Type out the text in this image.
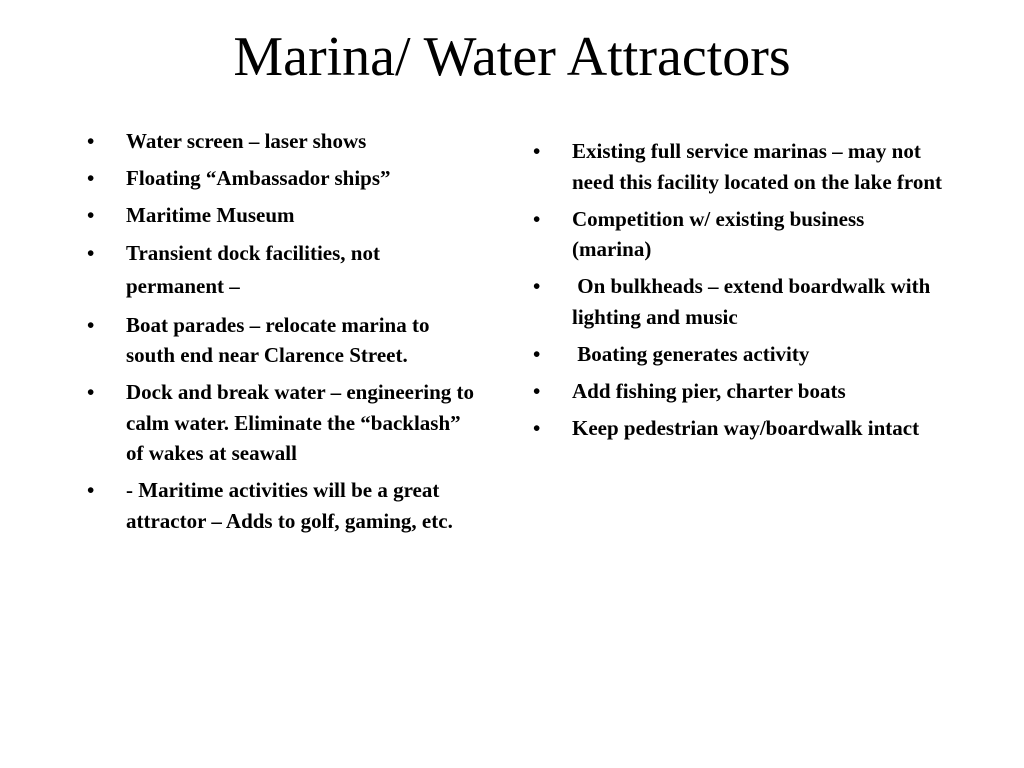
Marina/ Water Attractors
• Water screen – laser shows
• Floating “Ambassador ships”
• Maritime Museum
• Transient dock facilities, not permanent –
• Boat parades – relocate marina to south end near Clarence Street.
• Dock and break water – engineering to calm water. Eliminate the “backlash” of wakes at seawall
• - Maritime activities will be a great attractor – Adds to golf, gaming, etc.
• Existing full service marinas – may not need this facility located on the lake front
• Competition w/ existing business (marina)
• On bulkheads – extend boardwalk with lighting and music
• Boating generates activity
• Add fishing pier, charter boats
• Keep pedestrian way/boardwalk intact
